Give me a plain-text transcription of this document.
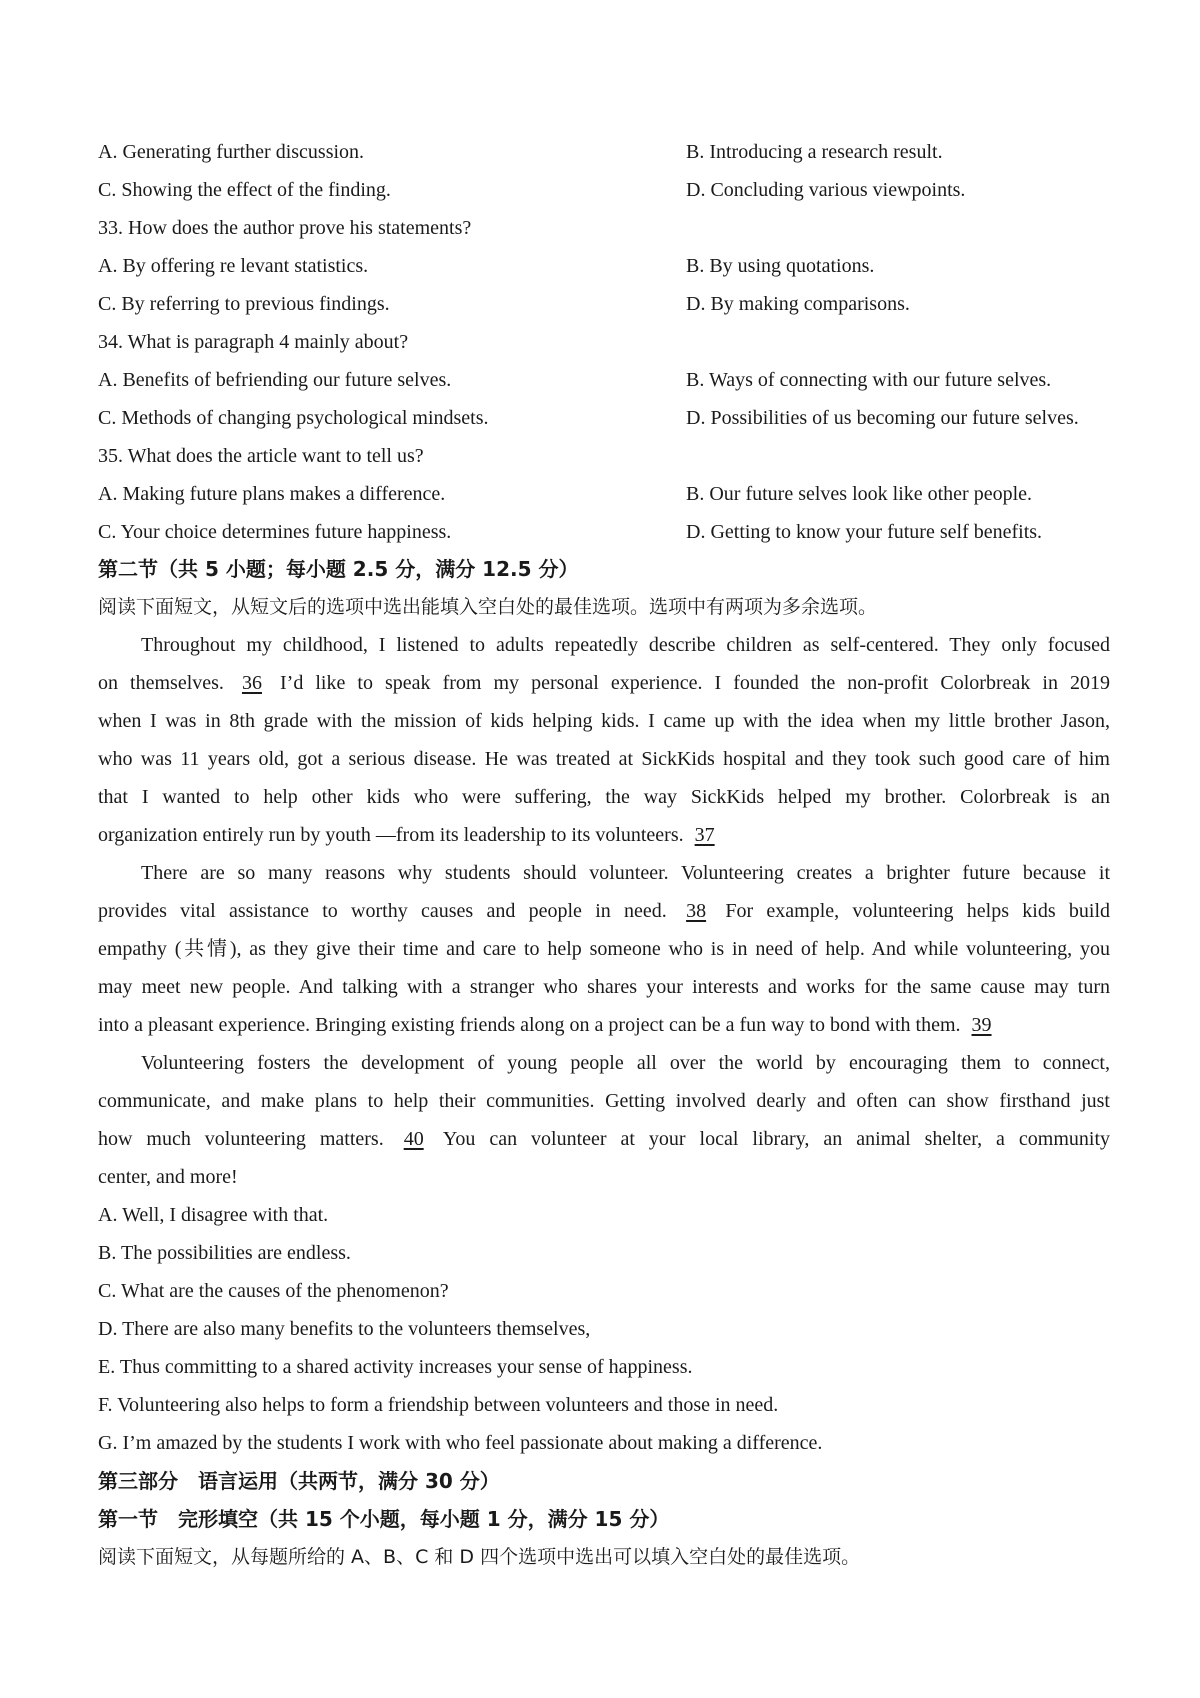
A. Generating further discussion.	B. Introducing a research result.
C. Showing the effect of the finding.	D. Concluding various viewpoints.
33. How does the author prove his statements?
A. By offering re levant statistics.	B. By using quotations.
C. By referring to previous findings.	D. By making comparisons.
34. What is paragraph 4 mainly about?
A. Benefits of befriending our future selves.	B. Ways of connecting with our future selves.
C. Methods of changing psychological mindsets.	D. Possibilities of us becoming our future selves.
35. What does the article want to tell us?
A. Making future plans makes a difference.	B. Our future selves look like other people.
C. Your choice determines future happiness.	D. Getting to know your future self benefits.
第二节（共 5 小题；每小题 2.5 分，满分 12.5 分）
阅读下面短文，从短文后的选项中选出能填入空白处的最佳选项。选项中有两项为多余选项。
Throughout my childhood, I listened to adults repeatedly describe children as self-centered. They only focused
on themselves. 36 I’d like to speak from my personal experience. I founded the non-profit Colorbreak in 2019
when I was in 8th grade with the mission of kids helping kids. I came up with the idea when my little brother Jason,
who was 11 years old, got a serious disease. He was treated at SickKids hospital and they took such good care of him
that I wanted to help other kids who were suffering, the way SickKids helped my brother. Colorbreak is an
organization entirely run by youth —from its leadership to its volunteers. 37
There are so many reasons why students should volunteer. Volunteering creates a brighter future because it
provides vital assistance to worthy causes and people in need. 38 For example, volunteering helps kids build
empathy (共情), as they give their time and care to help someone who is in need of help. And while volunteering, you
may meet new people. And talking with a stranger who shares your interests and works for the same cause may turn
into a pleasant experience. Bringing existing friends along on a project can be a fun way to bond with them. 39
Volunteering fosters the development of young people all over the world by encouraging them to connect,
communicate, and make plans to help their communities. Getting involved dearly and often can show firsthand just
how much volunteering matters. 40 You can volunteer at your local library, an animal shelter, a community
center, and more!
A. Well, I disagree with that.
B. The possibilities are endless.
C. What are the causes of the phenomenon?
D. There are also many benefits to the volunteers themselves,
E. Thus committing to a shared activity increases your sense of happiness.
F. Volunteering also helps to form a friendship between volunteers and those in need.
G. I’m amazed by the students I work with who feel passionate about making a difference.
第三部分　语言运用（共两节，满分 30 分）
第一节　完形填空（共 15 个小题，每小题 1 分，满分 15 分）
阅读下面短文，从每题所给的 A、B、C 和 D 四个选项中选出可以填入空白处的最佳选项。
